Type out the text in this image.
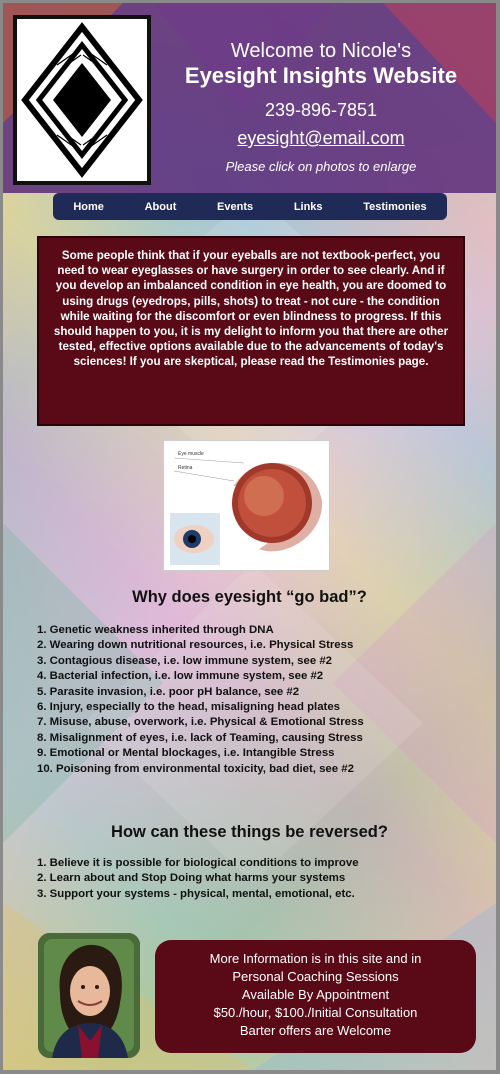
Welcome to Nicole's
Eyesight Insights Website
239-896-7851
eyesight@email.com
Please click on photos to enlarge
Home	About	Events	Links	Testimonies
Some people think that if your eyeballs are not textbook-perfect, you need to wear eyeglasses or have surgery in order to see clearly. And if you develop an imbalanced condition in eye health, you are doomed to using drugs (eyedrops, pills, shots) to treat - not cure - the condition while waiting for the discomfort or even blindness to progress. If this should happen to you, it is my delight to inform you that there are other tested, effective options available due to the advancements of today's sciences! If you are skeptical, please read the Testimonies page.
Eye muscle
Retina
Why does eyesight “go bad”?
1. Genetic weakness inherited through DNA
2. Wearing down nutritional resources, i.e. Physical Stress
3. Contagious disease, i.e. low immune system, see #2
4. Bacterial infection, i.e. low immune system, see #2
5. Parasite invasion, i.e. poor pH balance, see #2
6. Injury, especially to the head, misaligning head plates
7. Misuse, abuse, overwork, i.e. Physical & Emotional Stress
8. Misalignment of eyes, i.e. lack of Teaming, causing Stress
9. Emotional or Mental blockages, i.e. Intangible Stress
10. Poisoning from environmental toxicity, bad diet, see #2
How can these things be reversed?
1. Believe it is possible for biological conditions to improve
2. Learn about and Stop Doing what harms your systems
3. Support your systems - physical, mental, emotional, etc.
More Information is in this site and in
Personal Coaching Sessions
Available By Appointment
$50./hour, $100./Initial Consultation
Barter offers are Welcome
